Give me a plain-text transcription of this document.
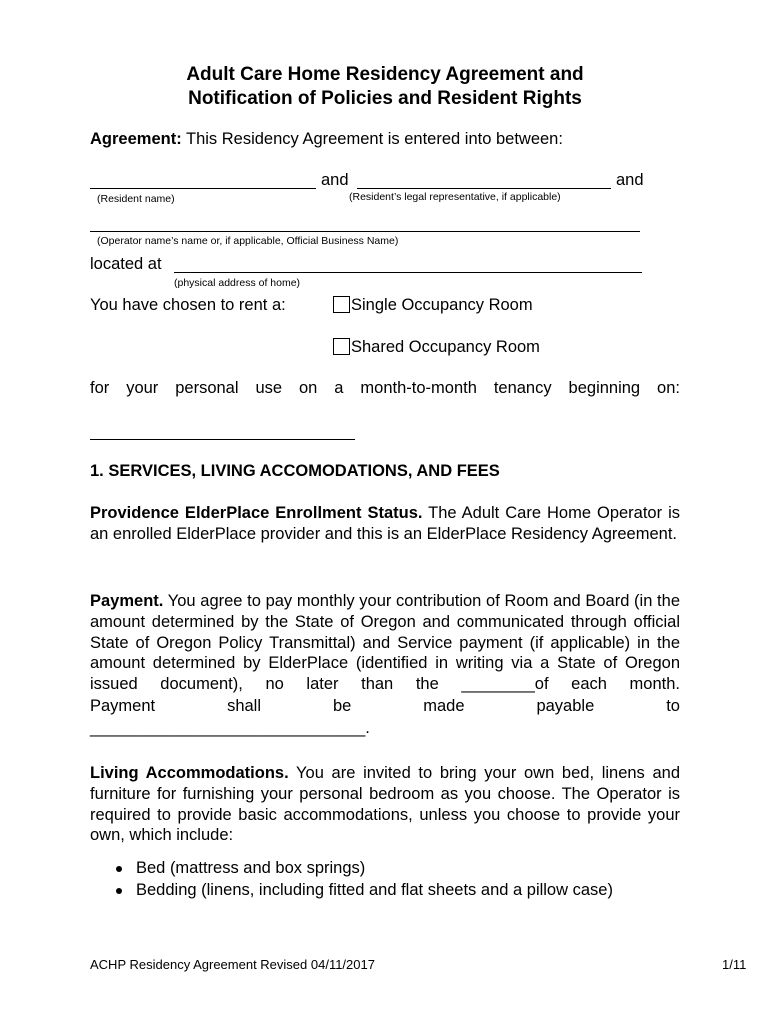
Adult Care Home Residency Agreement and
Notification of Policies and Resident Rights
Agreement: This Residency Agreement is entered into between:
and	and
(Resident name)	(Resident’s legal representative, if applicable)
(Operator name’s name or, if applicable, Official Business Name)
located at
(physical address of home)
You have chosen to rent a:	Single Occupancy Room
Shared Occupancy Room
for your personal use on a month-to-month tenancy beginning on:
1. SERVICES, LIVING ACCOMODATIONS, AND FEES
Providence ElderPlace Enrollment Status. The Adult Care Home Operator is an enrolled ElderPlace provider and this is an ElderPlace Residency Agreement.
Payment. You agree to pay monthly your contribution of Room and Board (in the amount determined by the State of Oregon and communicated through official State of Oregon Policy Transmittal) and Service payment (if applicable) in the amount determined by ElderPlace (identified in writing via a State of Oregon issued document), no later than the ________of each month.
Payment	shall	be	made	payable	to
______________________________.
Living Accommodations. You are invited to bring your own bed, linens and furniture for furnishing your personal bedroom as you choose. The Operator is required to provide basic accommodations, unless you choose to provide your own, which include:
Bed (mattress and box springs)
Bedding (linens, including fitted and flat sheets and a pillow case)
ACHP Residency Agreement Revised 04/11/2017	1/11
